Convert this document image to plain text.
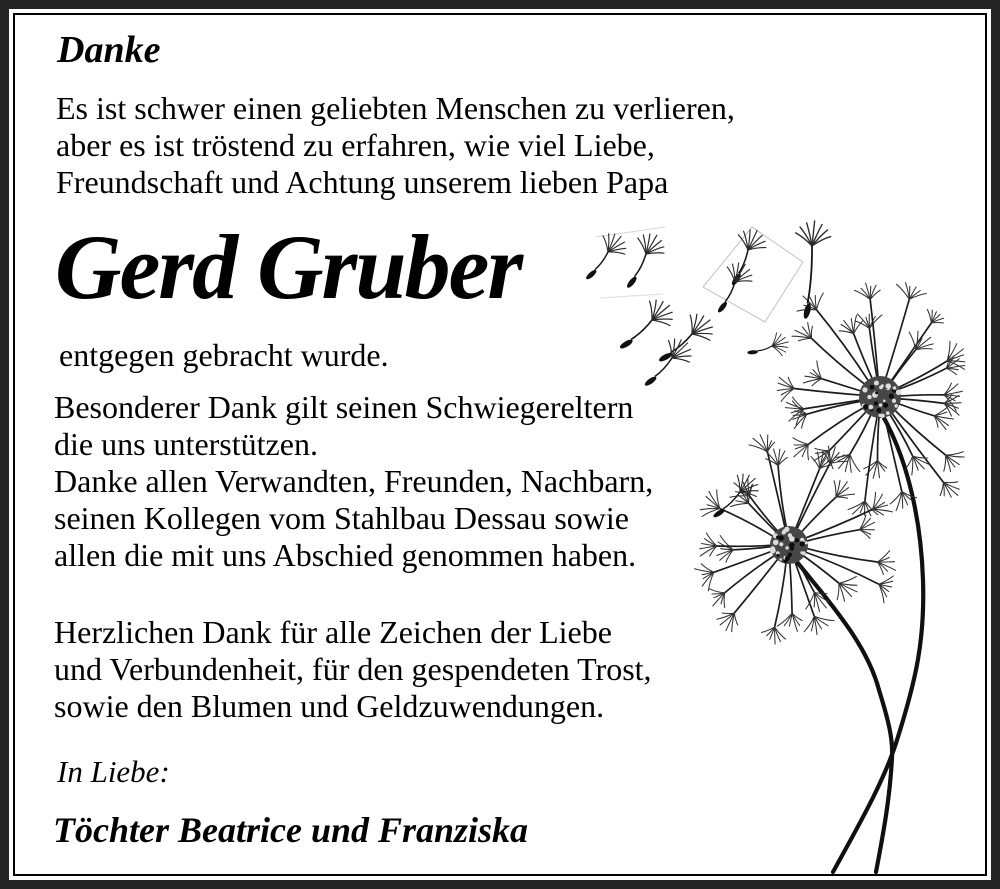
Danke
Es ist schwer einen geliebten Menschen zu verlieren,
aber es ist tröstend zu erfahren, wie viel Liebe,
Freundschaft und Achtung unserem lieben Papa
Gerd Gruber
entgegen gebracht wurde.
Besonderer Dank gilt seinen Schwiegereltern
die uns unterstützen.
Danke allen Verwandten, Freunden, Nachbarn,
seinen Kollegen vom Stahlbau Dessau sowie
allen die mit uns Abschied genommen haben.
Herzlichen Dank für alle Zeichen der Liebe
und Verbundenheit, für den gespendeten Trost,
sowie den Blumen und Geldzuwendungen.
In Liebe:
Töchter Beatrice und Franziska
